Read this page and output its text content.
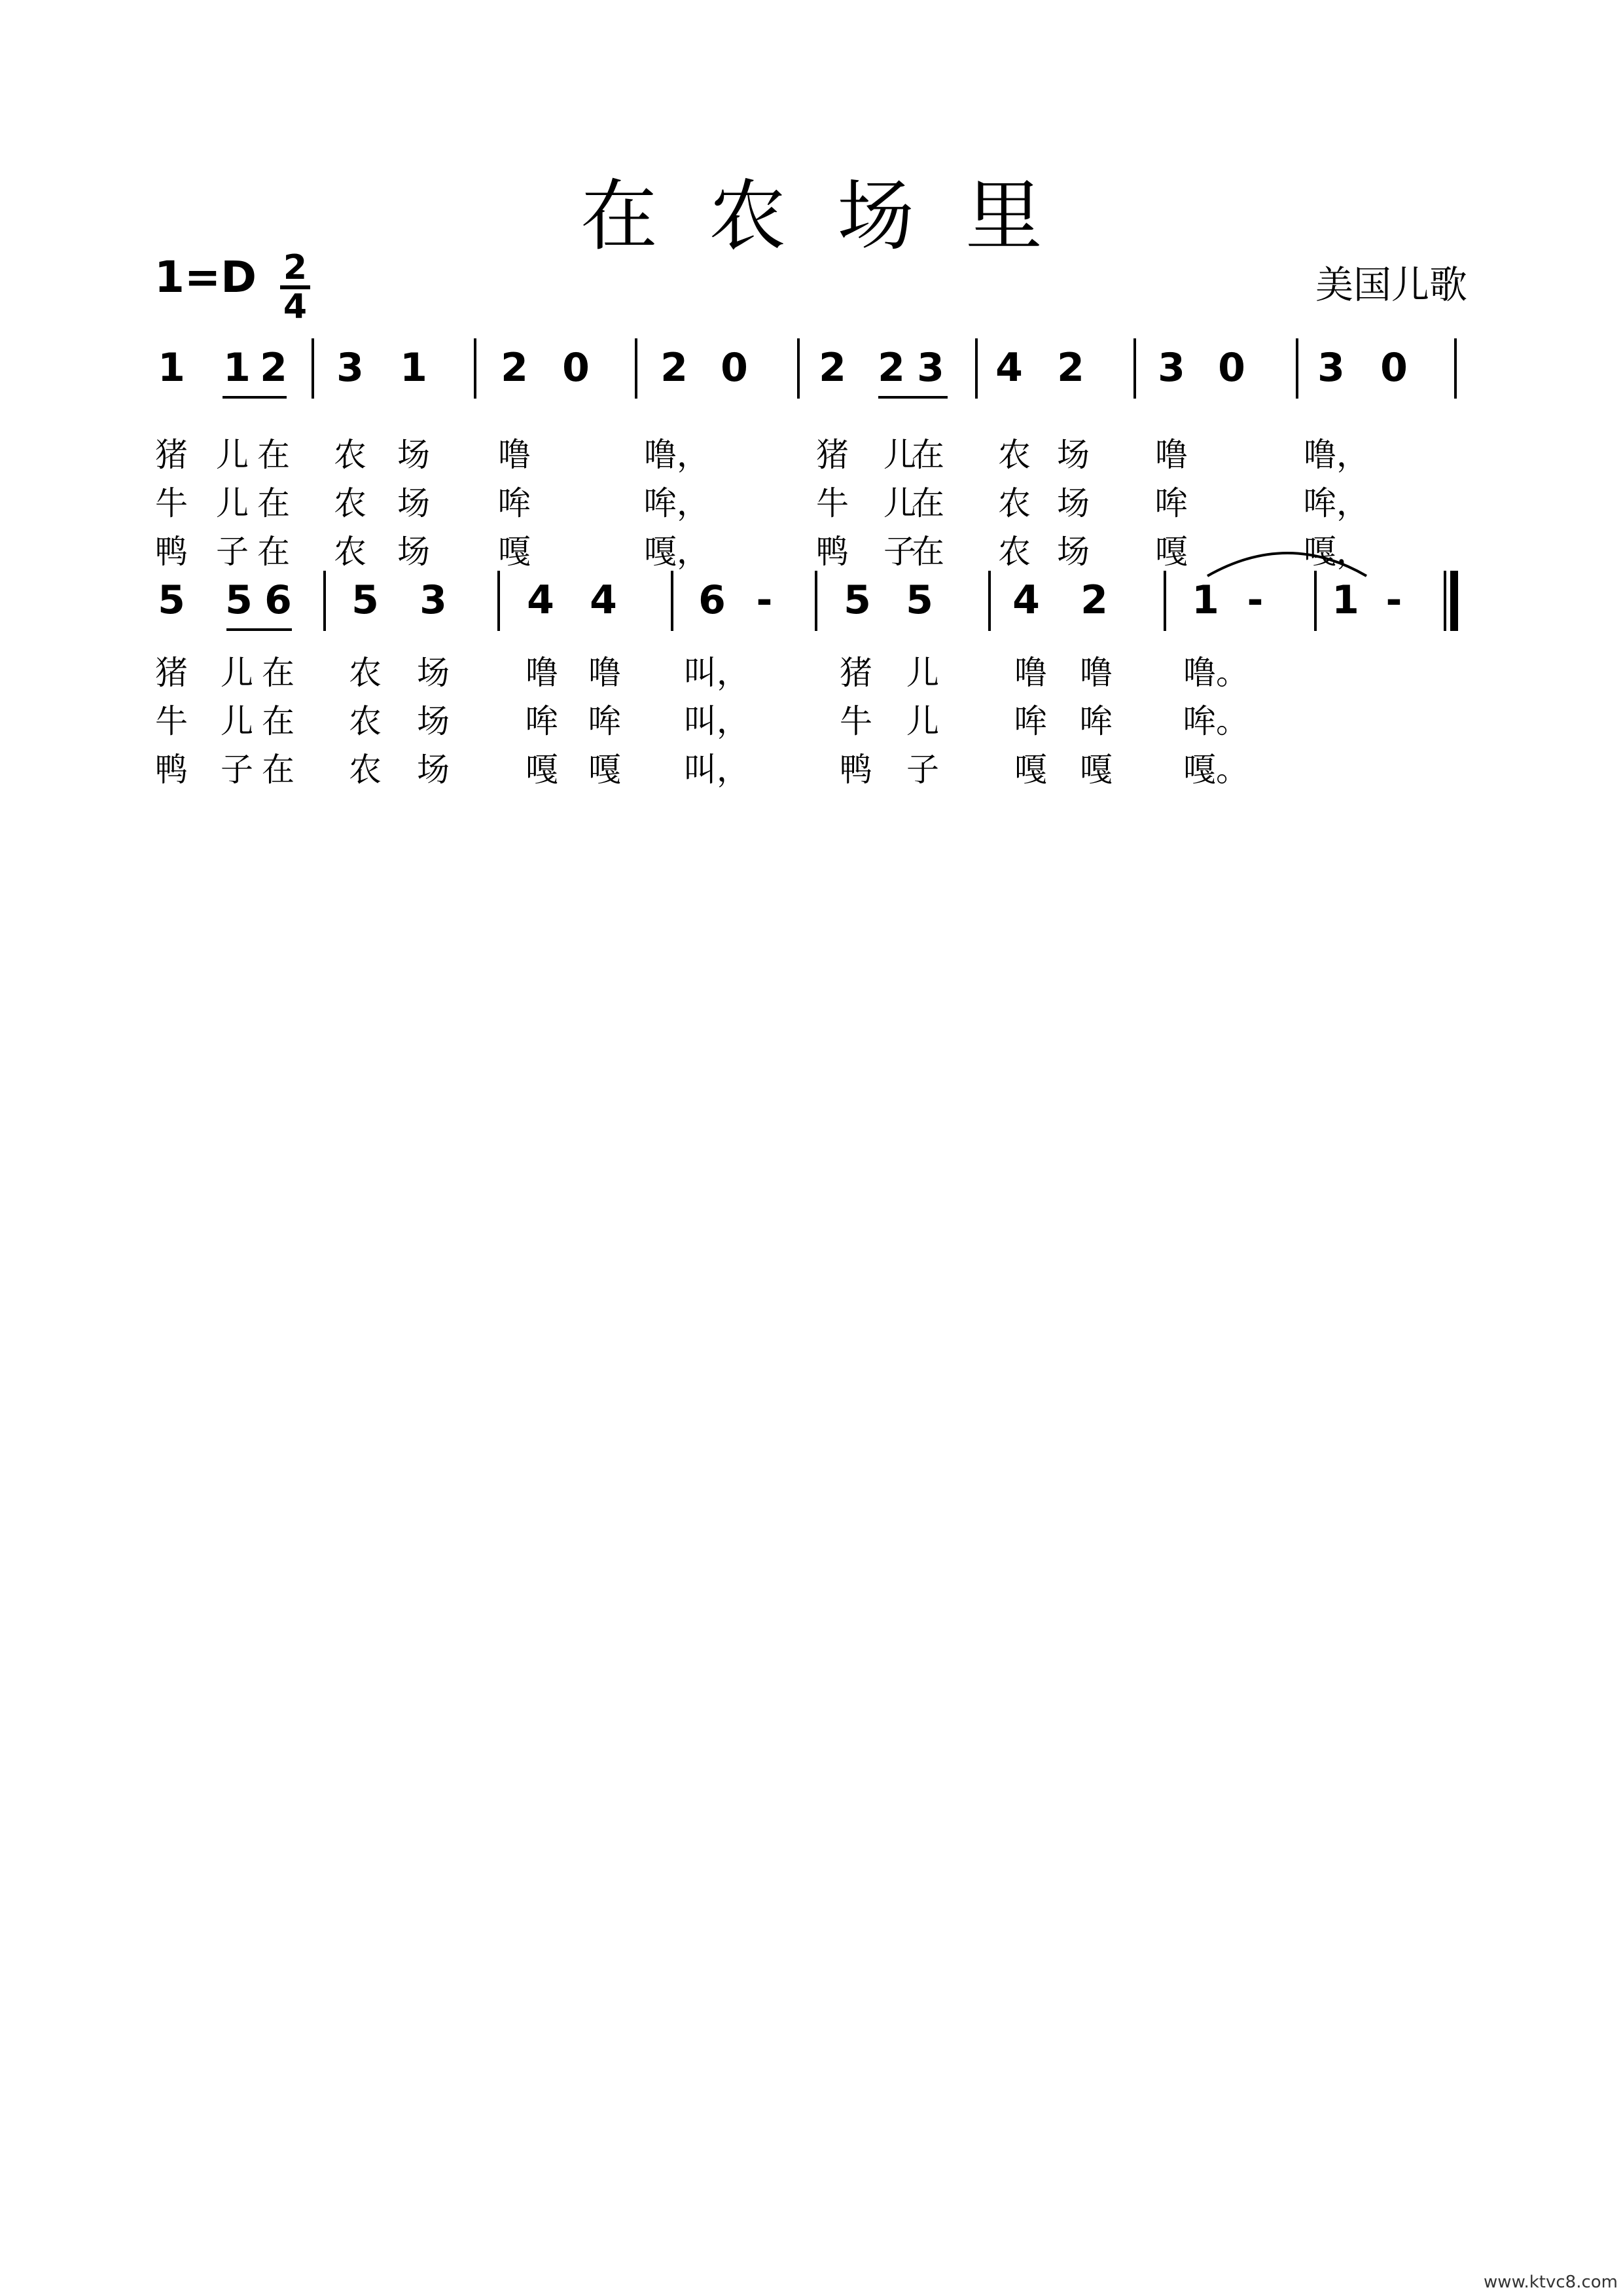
在农场里
1=D 2
4	美国儿歌
1 1 2 3 1 2 0 2 0 2 2 3 4 2 3 0 3 0
猪 儿 在 农 场 噜	噜，	猪 儿
在 农 场 噜	噜，
牛 儿 在 农 场 哞	哞，	牛 儿
在 农 场 哞	哞，
鸭 子 在 农 场 嘎	嘎，	鸭 子
在 农 场 嘎	嘎，
5 5 6 5 3 4 4 6 - 5 5 4 2 1 - 1 -
猪 儿 在 农 场 噜 噜 叫，	猪 儿 噜 噜 噜。
牛 儿 在 农 场 哞 哞 叫，	牛 儿 哞 哞 哞。
鸭 子 在 农 场 嘎 嘎 叫，	鸭 子 嘎 嘎 嘎。
www.ktvc8.com
